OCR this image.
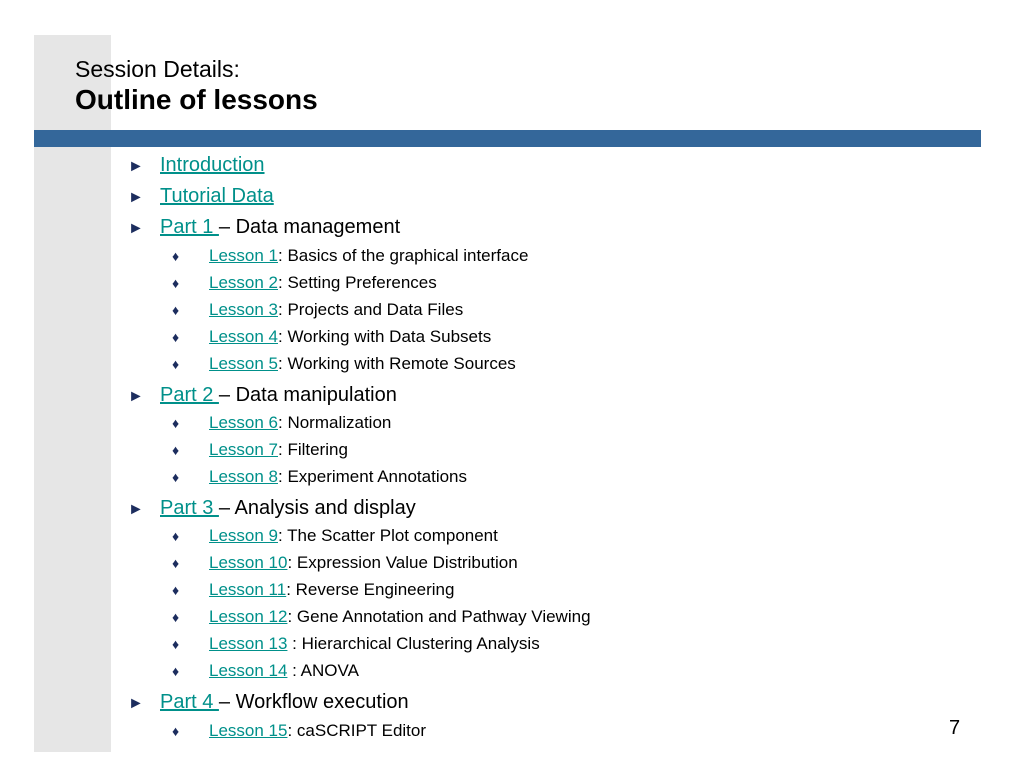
Session Details:
Outline of lessons
► Introduction
► Tutorial Data
► Part 1 – Data management
♦ Lesson 1: Basics of the graphical interface
♦ Lesson 2: Setting Preferences
♦ Lesson 3: Projects and Data Files
♦ Lesson 4: Working with Data Subsets
♦ Lesson 5: Working with Remote Sources
► Part 2 – Data manipulation
♦ Lesson 6: Normalization
♦ Lesson 7: Filtering
♦ Lesson 8: Experiment Annotations
► Part 3 – Analysis and display
♦ Lesson 9: The Scatter Plot component
♦ Lesson 10: Expression Value Distribution
♦ Lesson 11: Reverse Engineering
♦ Lesson 12: Gene Annotation and Pathway Viewing
♦ Lesson 13 : Hierarchical Clustering Analysis
♦ Lesson 14 : ANOVA
► Part 4 – Workflow execution
♦ Lesson 15: caSCRIPT Editor	7
